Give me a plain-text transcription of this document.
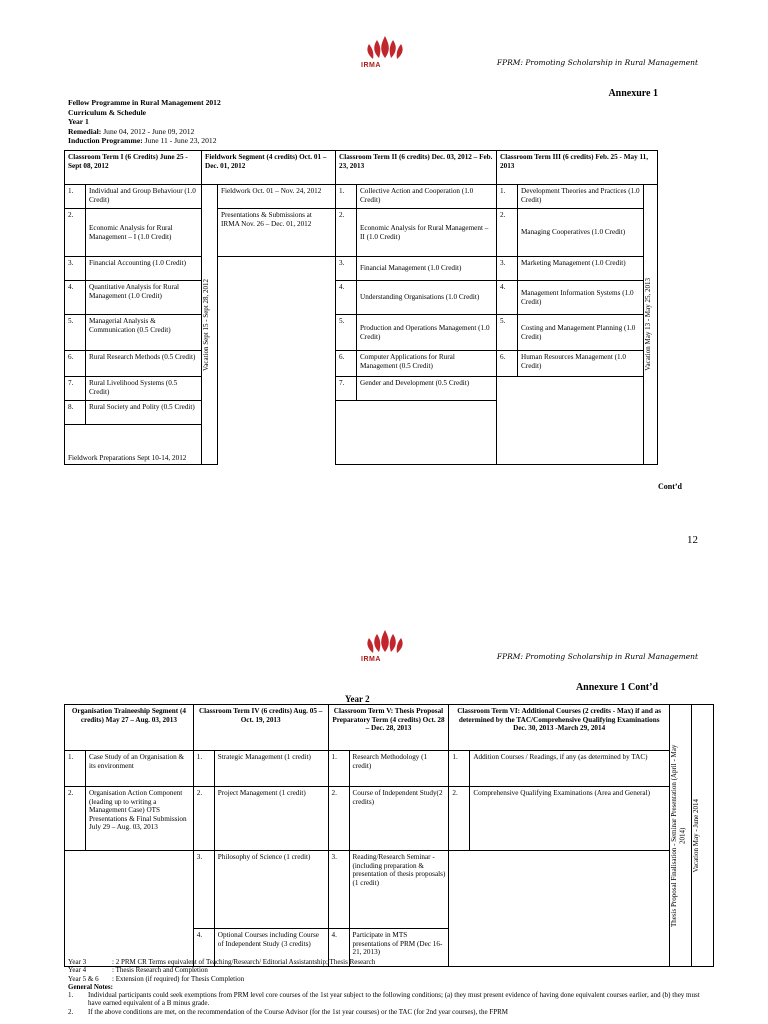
IRMA	FPRM: Promoting Scholarship in Rural Management
Annexure 1
Fellow Programme in Rural Management 2012
Curriculum & Schedule
Year 1
Remedial: June 04, 2012 - June 09, 2012
Induction Programme: June 11 - June 23, 2012
Classroom Term I (6 Credits) June 25 - Sept 08, 2012		Fieldwork Segment (4 credits) Oct. 01 – Dec. 01, 2012		Classroom Term II (6 credits) Dec. 03, 2012 – Feb. 23, 2013		Classroom Term III (6 credits) Feb. 25 - May 11, 2013		
1.	Individual and Group Behaviour (1.0 Credit)	Vacation Sept 15 - Sept 28, 2012	Fieldwork Oct. 01 – Nov. 24, 2012	1.	Collective Action and Cooperation (1.0 Credit)	1.	Development Theories and Practices (1.0 Credit)	Vacation May 13 - May 25, 2013

2.	Economic Analysis for Rural Management – I (1.0 Credit)		Presentations & Submissions at IRMA Nov. 26 – Dec. 01, 2012	2.	Economic Analysis for Rural Management – II (1.0 Credit)	2.	Managing Cooperatives (1.0 Credit)	
3.	Financial Accounting (1.0 Credit)			3.	Financial Management (1.0 Credit)	3.	Marketing Management (1.0 Credit)	
4.	Quantitative Analysis for Rural Management (1.0 Credit)			4.	Understanding Organisations (1.0 Credit)	4.	Management Information Systems (1.0 Credit)	
5.	Managerial Analysis & Communication (0.5 Credit)			5.	Production and Operations Management (1.0 Credit)	5.	Costing and Management Planning (1.0 Credit)	
6.	Rural Research Methods (0.5 Credit)			6.	Computer Applications for Rural Management (0.5 Credit)	6.	Human Resources Management (1.0 Credit)	
7.	Rural Livelihood Systems (0.5 Credit)			7.	Gender and Development (0.5 Credit)			
8.	Rural Society and Polity (0.5 Credit)							
Fieldwork Preparations Sept 10-14, 2012								
Cont’d
12
IRMA	FPRM: Promoting Scholarship in Rural Management
Annexure 1 Cont’d
Year 2
Organisation Traineeship Segment (4 credits) May 27 – Aug. 03, 2013		Classroom Term IV (6 credits) Aug. 05 – Oct. 19, 2013		Classroom Term V: Thesis Proposal Preparatory Term (4 credits) Oct. 28 – Dec. 28, 2013		Classroom Term VI: Additional Courses (2 credits - Max) if and as determined by the TAC/Comprehensive Qualifying Examinations Dec. 30, 2013 -March 29, 2014		Thesis Proposal Finalisation - Seminar Presentation (April - May 2014)	Vacation May - June 2014

1.	Case Study of an Organisation & its environment	1.	Strategic Management (1 credit)	1.	Research Methodology (1 credit)	1.	Addition Courses / Readings, if any (as determined by TAC)		
2.	Organisation Action Component (leading up to writing a Management Case) OTS Presentations & Final Submission July 29 – Aug. 03, 2013	2.	Project Management (1 credit)	2.	Course of Independent Study(2 credits)	2.	Comprehensive Qualifying Examinations (Area and General)		
		3.	Philosophy of Science (1 credit)	3.	Reading/Research Seminar - (including preparation & presentation of thesis proposals) (1 credit)				
		4.	Optional Courses including Course of Independent Study (3 credits)	4.	Participate in MTS presentations of PRM (Dec 16-21, 2013)				
Year 3	: 2 PRM CR Terms equivalent of Teaching/Research/ Editorial Assistantship; Thesis Research
Year 4	: Thesis Research and Completion
Year 5 & 6	: Extension (if required) for Thesis Completion
General Notes:
1.	Individual participants could seek exemptions from PRM level core courses of the 1st year subject to the following conditions; (a) they must present evidence of having done equivalent courses earlier, and (b) they must have earned equivalent of a B minus grade.
2.	If the above conditions are met, on the recommendation of the Course Advisor (for the 1st year courses) or the TAC (for 2nd year courses), the FPRM
